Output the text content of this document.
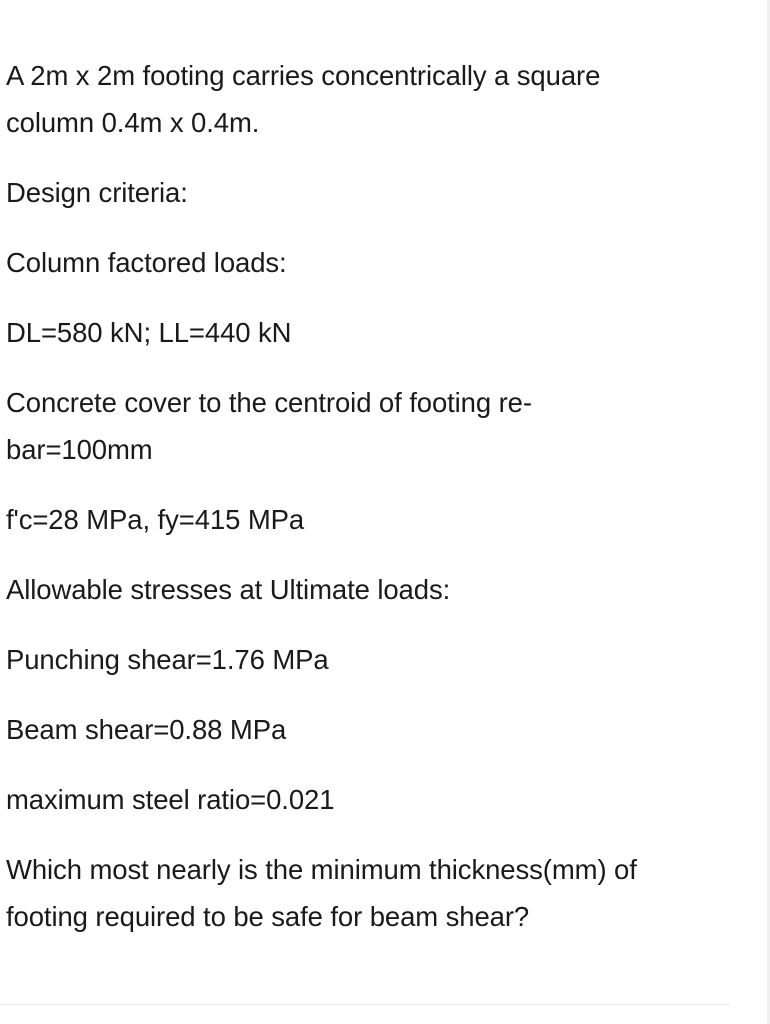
A 2m x 2m footing carries concentrically a square
column 0.4m x 0.4m.

Design criteria:

Column factored loads:

DL=580 kN; LL=440 kN

Concrete cover to the centroid of footing re-
bar=100mm

f'c=28 MPa, fy=415 MPa

Allowable stresses at Ultimate loads:

Punching shear=1.76 MPa

Beam shear=0.88 MPa

maximum steel ratio=0.021

Which most nearly is the minimum thickness(mm) of
footing required to be safe for beam shear?
